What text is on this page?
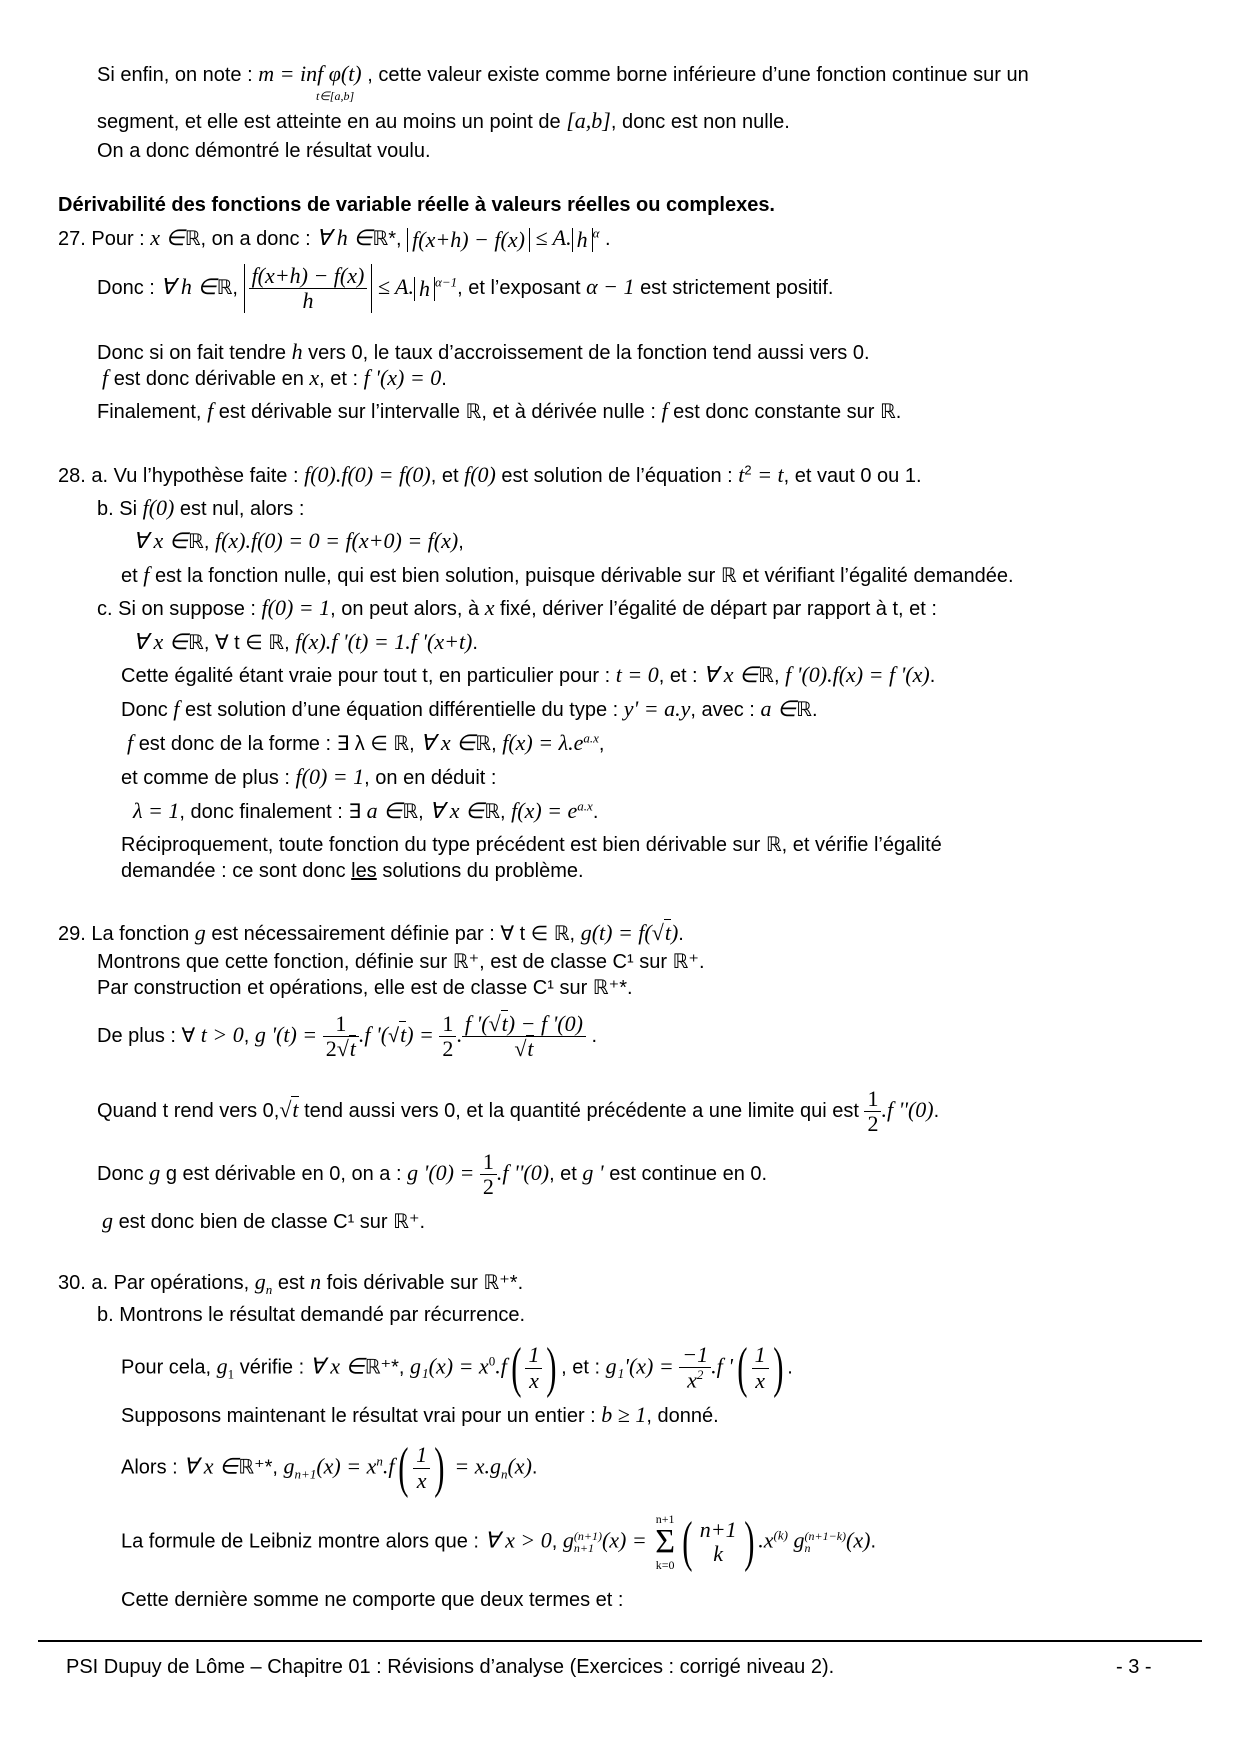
Si enfin, on note : m = inf φ(t) , cette valeur existe comme borne inférieure d’une fonction continue sur un
t∈[a,b]
segment, et elle est atteinte en au moins un point de [a,b], donc est non nulle.
On a donc démontré le résultat voulu.
Dérivabilité des fonctions de variable réelle à valeurs réelles ou complexes.
27. Pour : x ∈ℝ, on a donc : ∀ h ∈ℝ*, f(x+h) − f(x) ≤ A. h $^\alpha$ .
Donc : ∀ h ∈ℝ, $\frac{f(x+h) - f(x)}{h} \le A$. h $^{\alpha-1}$, et l’exposant α − 1 est strictement positif.
Donc si on fait tendre h vers 0, le taux d’accroissement de la fonction tend aussi vers 0.
f est donc dérivable en x, et : f '(x) = 0.
Finalement, f est dérivable sur l’intervalle ℝ, et à dérivée nulle : f est donc constante sur ℝ.
28. a. Vu l’hypothèse faite : f(0).f(0) = f(0), et f(0) est solution de l’équation : $t^2 = t$, et vaut 0 ou 1.
b. Si f(0) est nul, alors :
∀ x ∈ℝ, f(x).f(0) = 0 = f(x+0) = f(x),
et f est la fonction nulle, qui est bien solution, puisque dérivable sur ℝ et vérifiant l’égalité demandée.
c. Si on suppose : f(0) = 1, on peut alors, à x fixé, dériver l’égalité de départ par rapport à t, et :
∀ x ∈ℝ, ∀ t ∈ ℝ, f(x).f '(t) = 1.f '(x+t).
Cette égalité étant vraie pour tout t, en particulier pour : t = 0, et : ∀ x ∈ℝ, f '(0).f(x) = f '(x).
Donc f est solution d’une équation différentielle du type : y' = a.y, avec : a ∈ℝ.
f est donc de la forme : ∃ λ ∈ ℝ, ∀ x ∈ℝ, $f(x) = \lambda.e^{a.x}$,
et comme de plus : f(0) = 1, on en déduit :
λ = 1, donc finalement : ∃ a ∈ℝ, ∀ x ∈ℝ, $f(x) = e^{a.x}$.
Réciproquement, toute fonction du type précédent est bien dérivable sur ℝ, et vérifie l’égalité
demandée : ce sont donc les solutions du problème.
29. La fonction g est nécessairement définie par : ∀ t ∈ ℝ, g(t) = f(√t).
Montrons que cette fonction, définie sur ℝ⁺, est de classe C¹ sur ℝ⁺.
Par construction et opérations, elle est de classe C¹ sur ℝ⁺*.
De plus : ∀ t > 0, g '$(t) = \frac{1}{2√t} .f$ '$(√t) = \frac{1}{2}$ . $\frac{f '(√t) - f '(0)}{√t}$ .
Quand t rend vers 0,√t tend aussi vers 0, et la quantité précédente a une limite qui est $\frac{1}{2} .f$ ''(0).
Donc g g est dérivable en 0, on a : g '$(0) = \frac{1}{2} .f$ ''(0), et g ' est continue en 0.
g est donc bien de classe C¹ sur ℝ⁺.
30. a. Par opérations, $g_n$ est n fois dérivable sur ℝ⁺*.
b. Montrons le résultat demandé par récurrence.
Pour cela, $g_1$ vérifie : ∀ x ∈ℝ⁺*, $g_1(x) = x^0.f( \frac{1}{x}$ ) , et : $g_1'(x) = \frac{-1}{x^2} .f$ '( $\frac{1}{x}$ ) .
Supposons maintenant le résultat vrai pour un entier : b ≥ 1, donné.
Alors : ∀ x ∈ℝ⁺*, $g_{n+1}(x) = x^n.f( \frac{1}{x}$ ) = $x.g_n(x)$.
La formule de Leibniz montre alors que : ∀ x > 0, g (n+1)
n+1 (x) =
n+1
Σ
k=0 ( n+1
k ) $.x^{(k)}$ g (n+1−k)
n	(x).
Cette dernière somme ne comporte que deux termes et :
PSI Dupuy de Lôme – Chapitre 01 : Révisions d’analyse (Exercices : corrigé niveau 2).	- 3 -
